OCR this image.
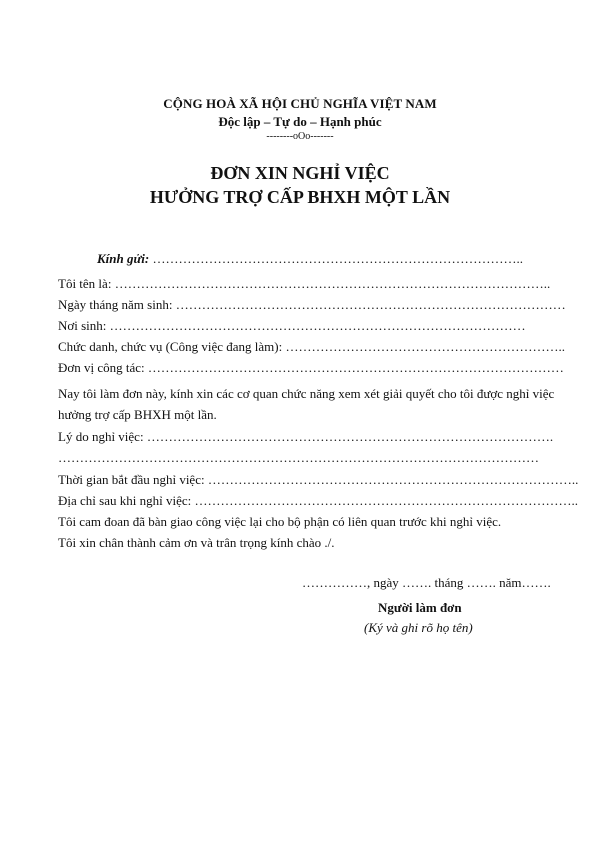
CỘNG HOÀ XÃ HỘI CHỦ NGHĨA VIỆT NAM
Độc lập – Tự do – Hạnh phúc
--------oOo-------
ĐƠN XIN NGHỈ VIỆC
HƯỞNG TRỢ CẤP BHXH MỘT LẦN
Kính gửi: …………………………………………………………………………..
Tôi tên là: ………………………………………………………………………………………..
Ngày tháng năm sinh: ………………………………………………………………………………
Nơi sinh: ……………………………………………………………………………………
Chức danh, chức vụ (Công việc đang làm): ………………………………………………………..
Đơn vị công tác: ……………………………………………………………………………………
Nay tôi làm đơn này, kính xin các cơ quan chức năng xem xét giải quyết cho tôi được nghỉ việc
hưởng trợ cấp BHXH một lần.
Lý do nghỉ việc: ………………………………………………………………………………….
…………………………………………………………………………………………………
Thời gian bắt đầu nghỉ việc: …………………………………………………………………………..
Địa chỉ sau khi nghỉ việc: ……………………………………………………………………………..
Tôi cam đoan đã bàn giao công việc lại cho bộ phận có liên quan trước khi nghỉ việc.
Tôi xin chân thành cảm ơn và trân trọng kính chào ./.
……………, ngày ……. tháng ……. năm…….
Người làm đơn
(Ký và ghi rõ họ tên)
